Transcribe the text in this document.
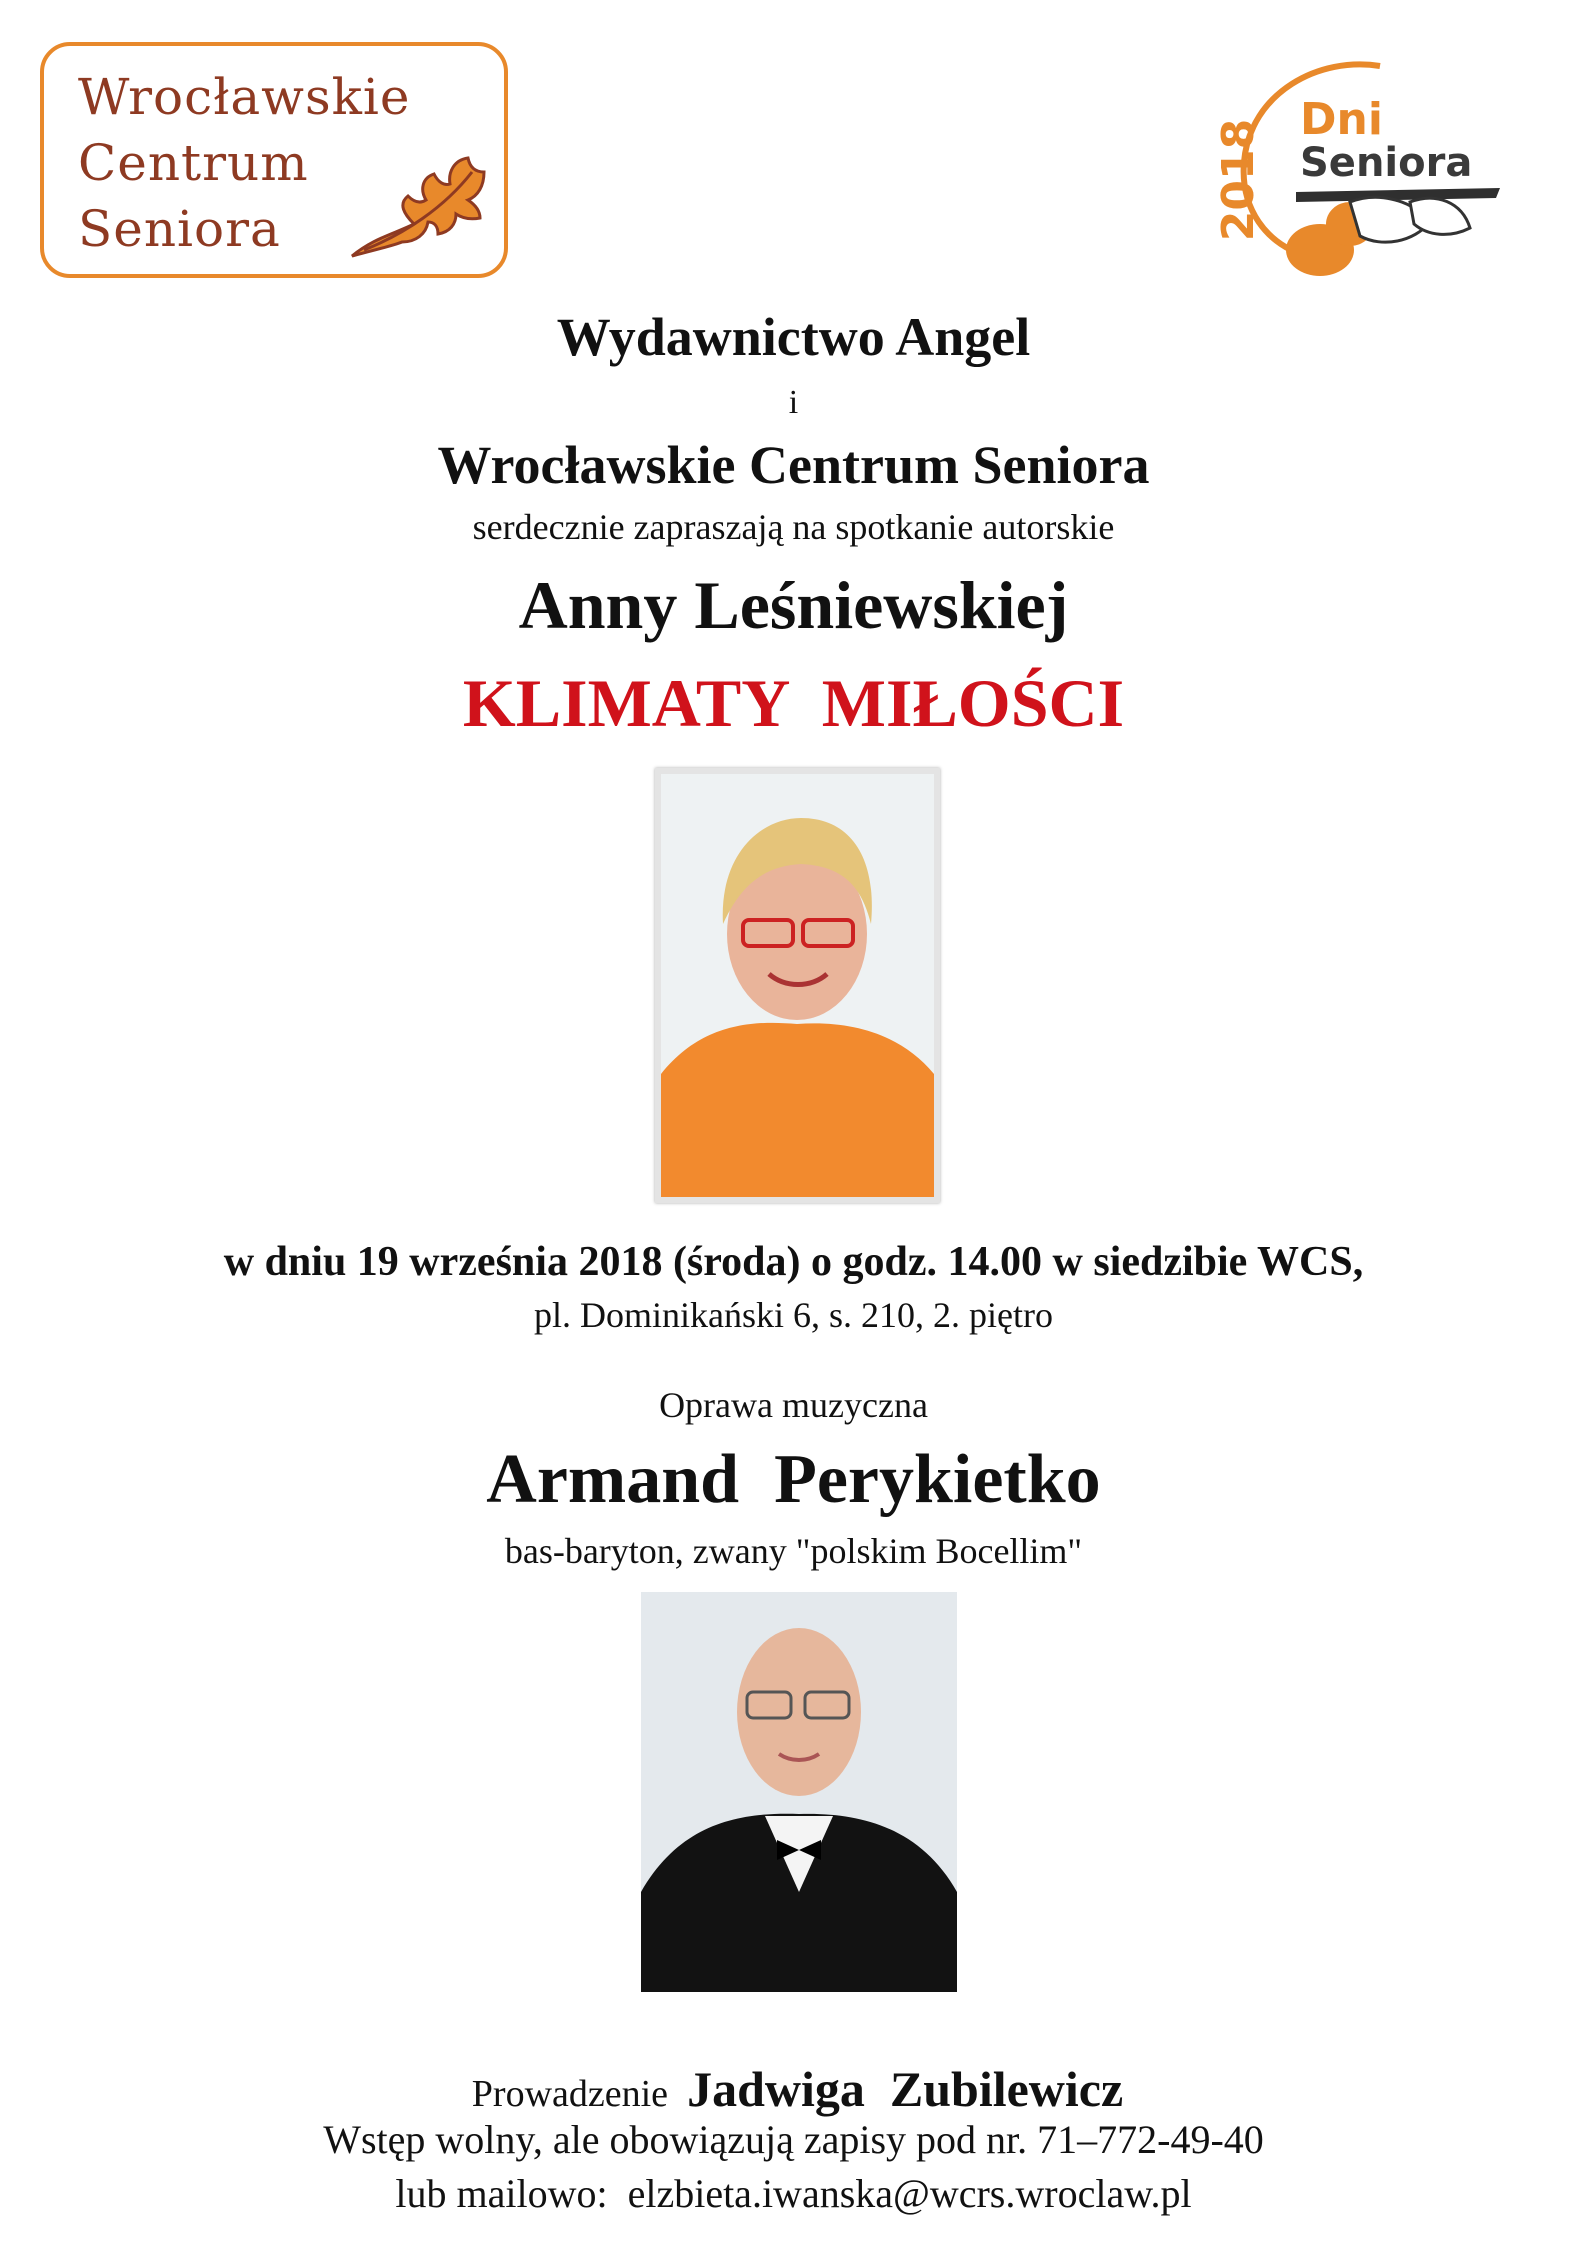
Wrocławskie
Centrum
Seniora	2018 Dni
Seniora
Wydawnictwo Angel
i
Wrocławskie Centrum Seniora
serdecznie zapraszają na spotkanie autorskie
Anny Leśniewskiej
KLIMATY  MIŁOŚCI
w dniu 19 września 2018 (środa) o godz. 14.00 w siedzibie WCS,
pl. Dominikański 6, s. 210, 2. piętro
Oprawa muzyczna
Armand  Perykietko
bas-baryton, zwany "polskim Bocellim"

Prowadzenie Jadwiga  Zubilewicz

Wstęp wolny, ale obowiązują zapisy pod nr. 71–772-49-40
lub mailowo:  elzbieta.iwanska@wcrs.wroclaw.pl
